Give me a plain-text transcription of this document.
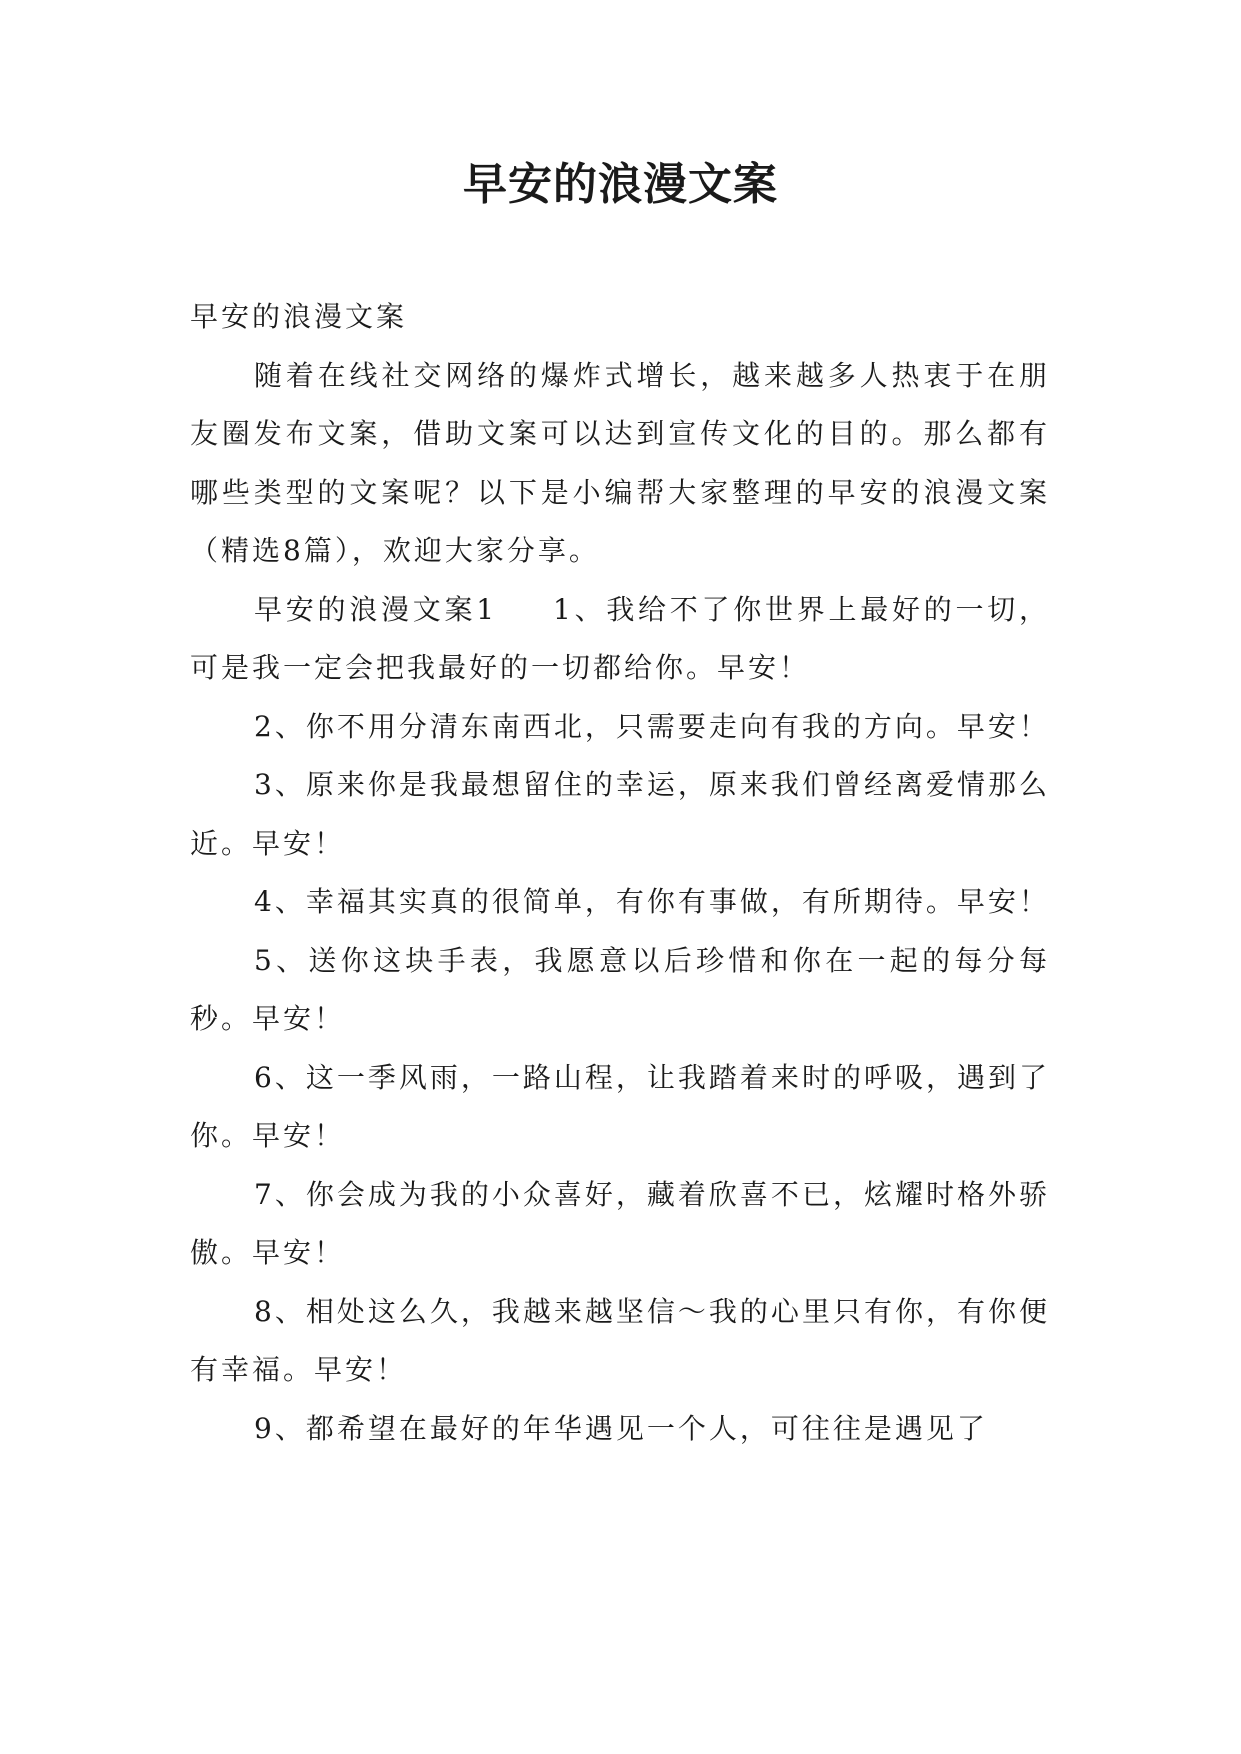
早安的浪漫文案

早安的浪漫文案

随着在线社交网络的爆炸式增长，越来越多人热衷于在朋友圈发布文案，借助文案可以达到宣传文化的目的。那么都有哪些类型的文案呢？以下是小编帮大家整理的早安的浪漫文案（精选8篇），欢迎大家分享。

早安的浪漫文案1 1、我给不了你世界上最好的一切，可是我一定会把我最好的一切都给你。早安！

2、你不用分清东南西北，只需要走向有我的方向。早安！

3、原来你是我最想留住的幸运，原来我们曾经离爱情那么近。早安！

4、幸福其实真的很简单，有你有事做，有所期待。早安！

5、送你这块手表，我愿意以后珍惜和你在一起的每分每秒。早安！

6、这一季风雨，一路山程，让我踏着来时的呼吸，遇到了你。早安！

7、你会成为我的小众喜好，藏着欣喜不已，炫耀时格外骄傲。早安！

8、相处这么久，我越来越坚信～我的心里只有你，有你便有幸福。早安！

9、都希望在最好的年华遇见一个人，可往往是遇见了
